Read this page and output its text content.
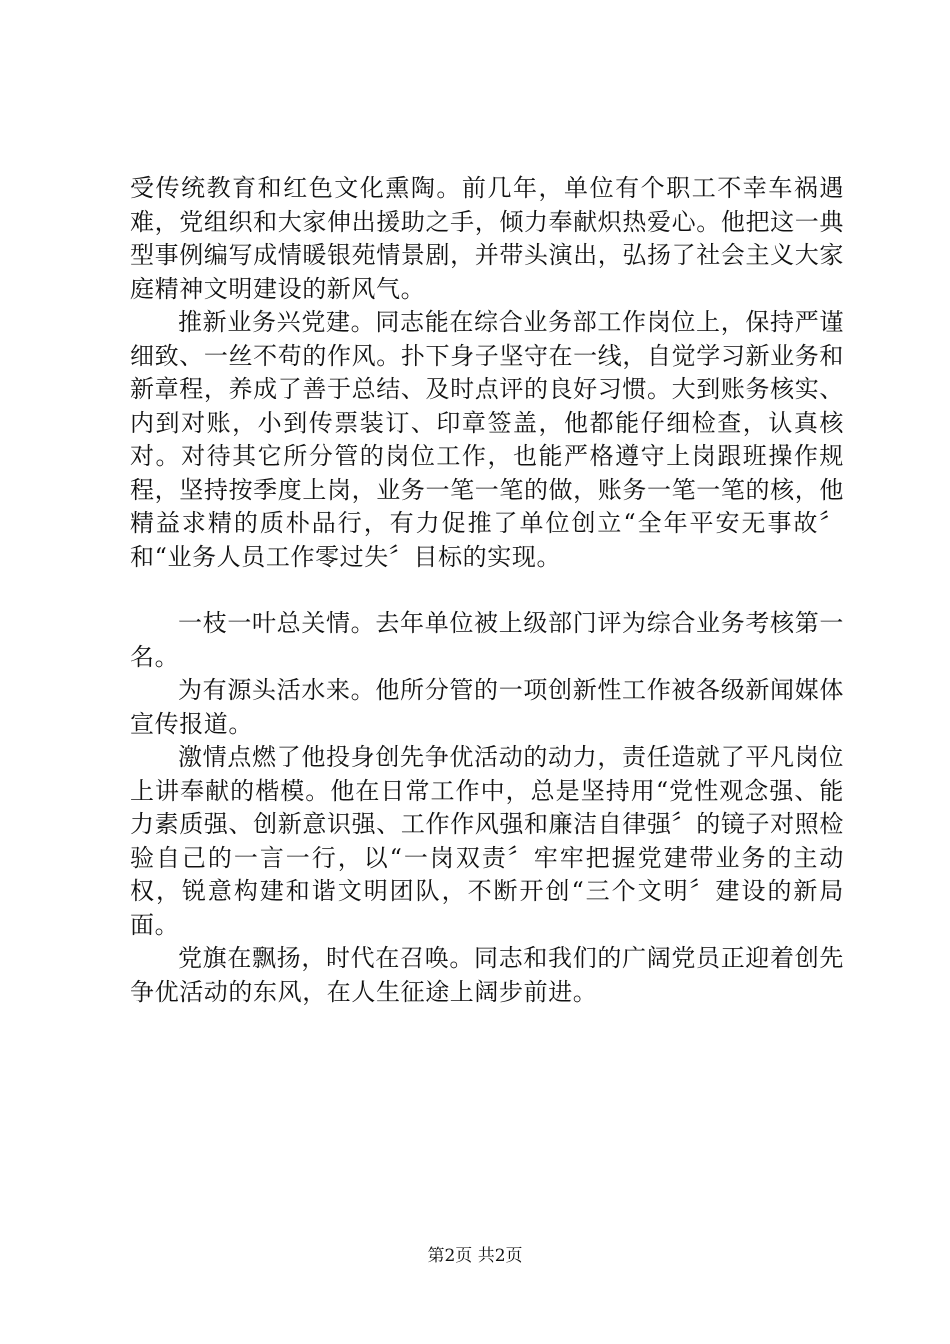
受传统教育和红色文化熏陶。前几年，单位有个职工不幸车祸遇难，党组织和大家伸出援助之手，倾力奉献炽热爱心。他把这一典型事例编写成情暖银苑情景剧，并带头演出，弘扬了社会主义大家庭精神文明建设的新风气。

推新业务兴党建。同志能在综合业务部工作岗位上，保持严谨细致、一丝不苟的作风。扑下身子坚守在一线，自觉学习新业务和新章程，养成了善于总结、及时点评的良好习惯。大到账务核实、内到对账，小到传票装订、印章签盖，他都能仔细检查，认真核对。对待其它所分管的岗位工作，也能严格遵守上岗跟班操作规程，坚持按季度上岗，业务一笔一笔的做，账务一笔一笔的核，他精益求精的质朴品行，有力促推了单位创立“全年平安无事故〞和“业务人员工作零过失〞目标的实现。

一枝一叶总关情。去年单位被上级部门评为综合业务考核第一名。

为有源头活水来。他所分管的一项创新性工作被各级新闻媒体宣传报道。

激情点燃了他投身创先争优活动的动力，责任造就了平凡岗位上讲奉献的楷模。他在日常工作中，总是坚持用“党性观念强、能力素质强、创新意识强、工作作风强和廉洁自律强〞的镜子对照检验自己的一言一行，以“一岗双责〞牢牢把握党建带业务的主动权，锐意构建和谐文明团队，不断开创“三个文明〞建设的新局面。

党旗在飘扬，时代在召唤。同志和我们的广阔党员正迎着创先争优活动的东风，在人生征途上阔步前进。

第2页 共2页
